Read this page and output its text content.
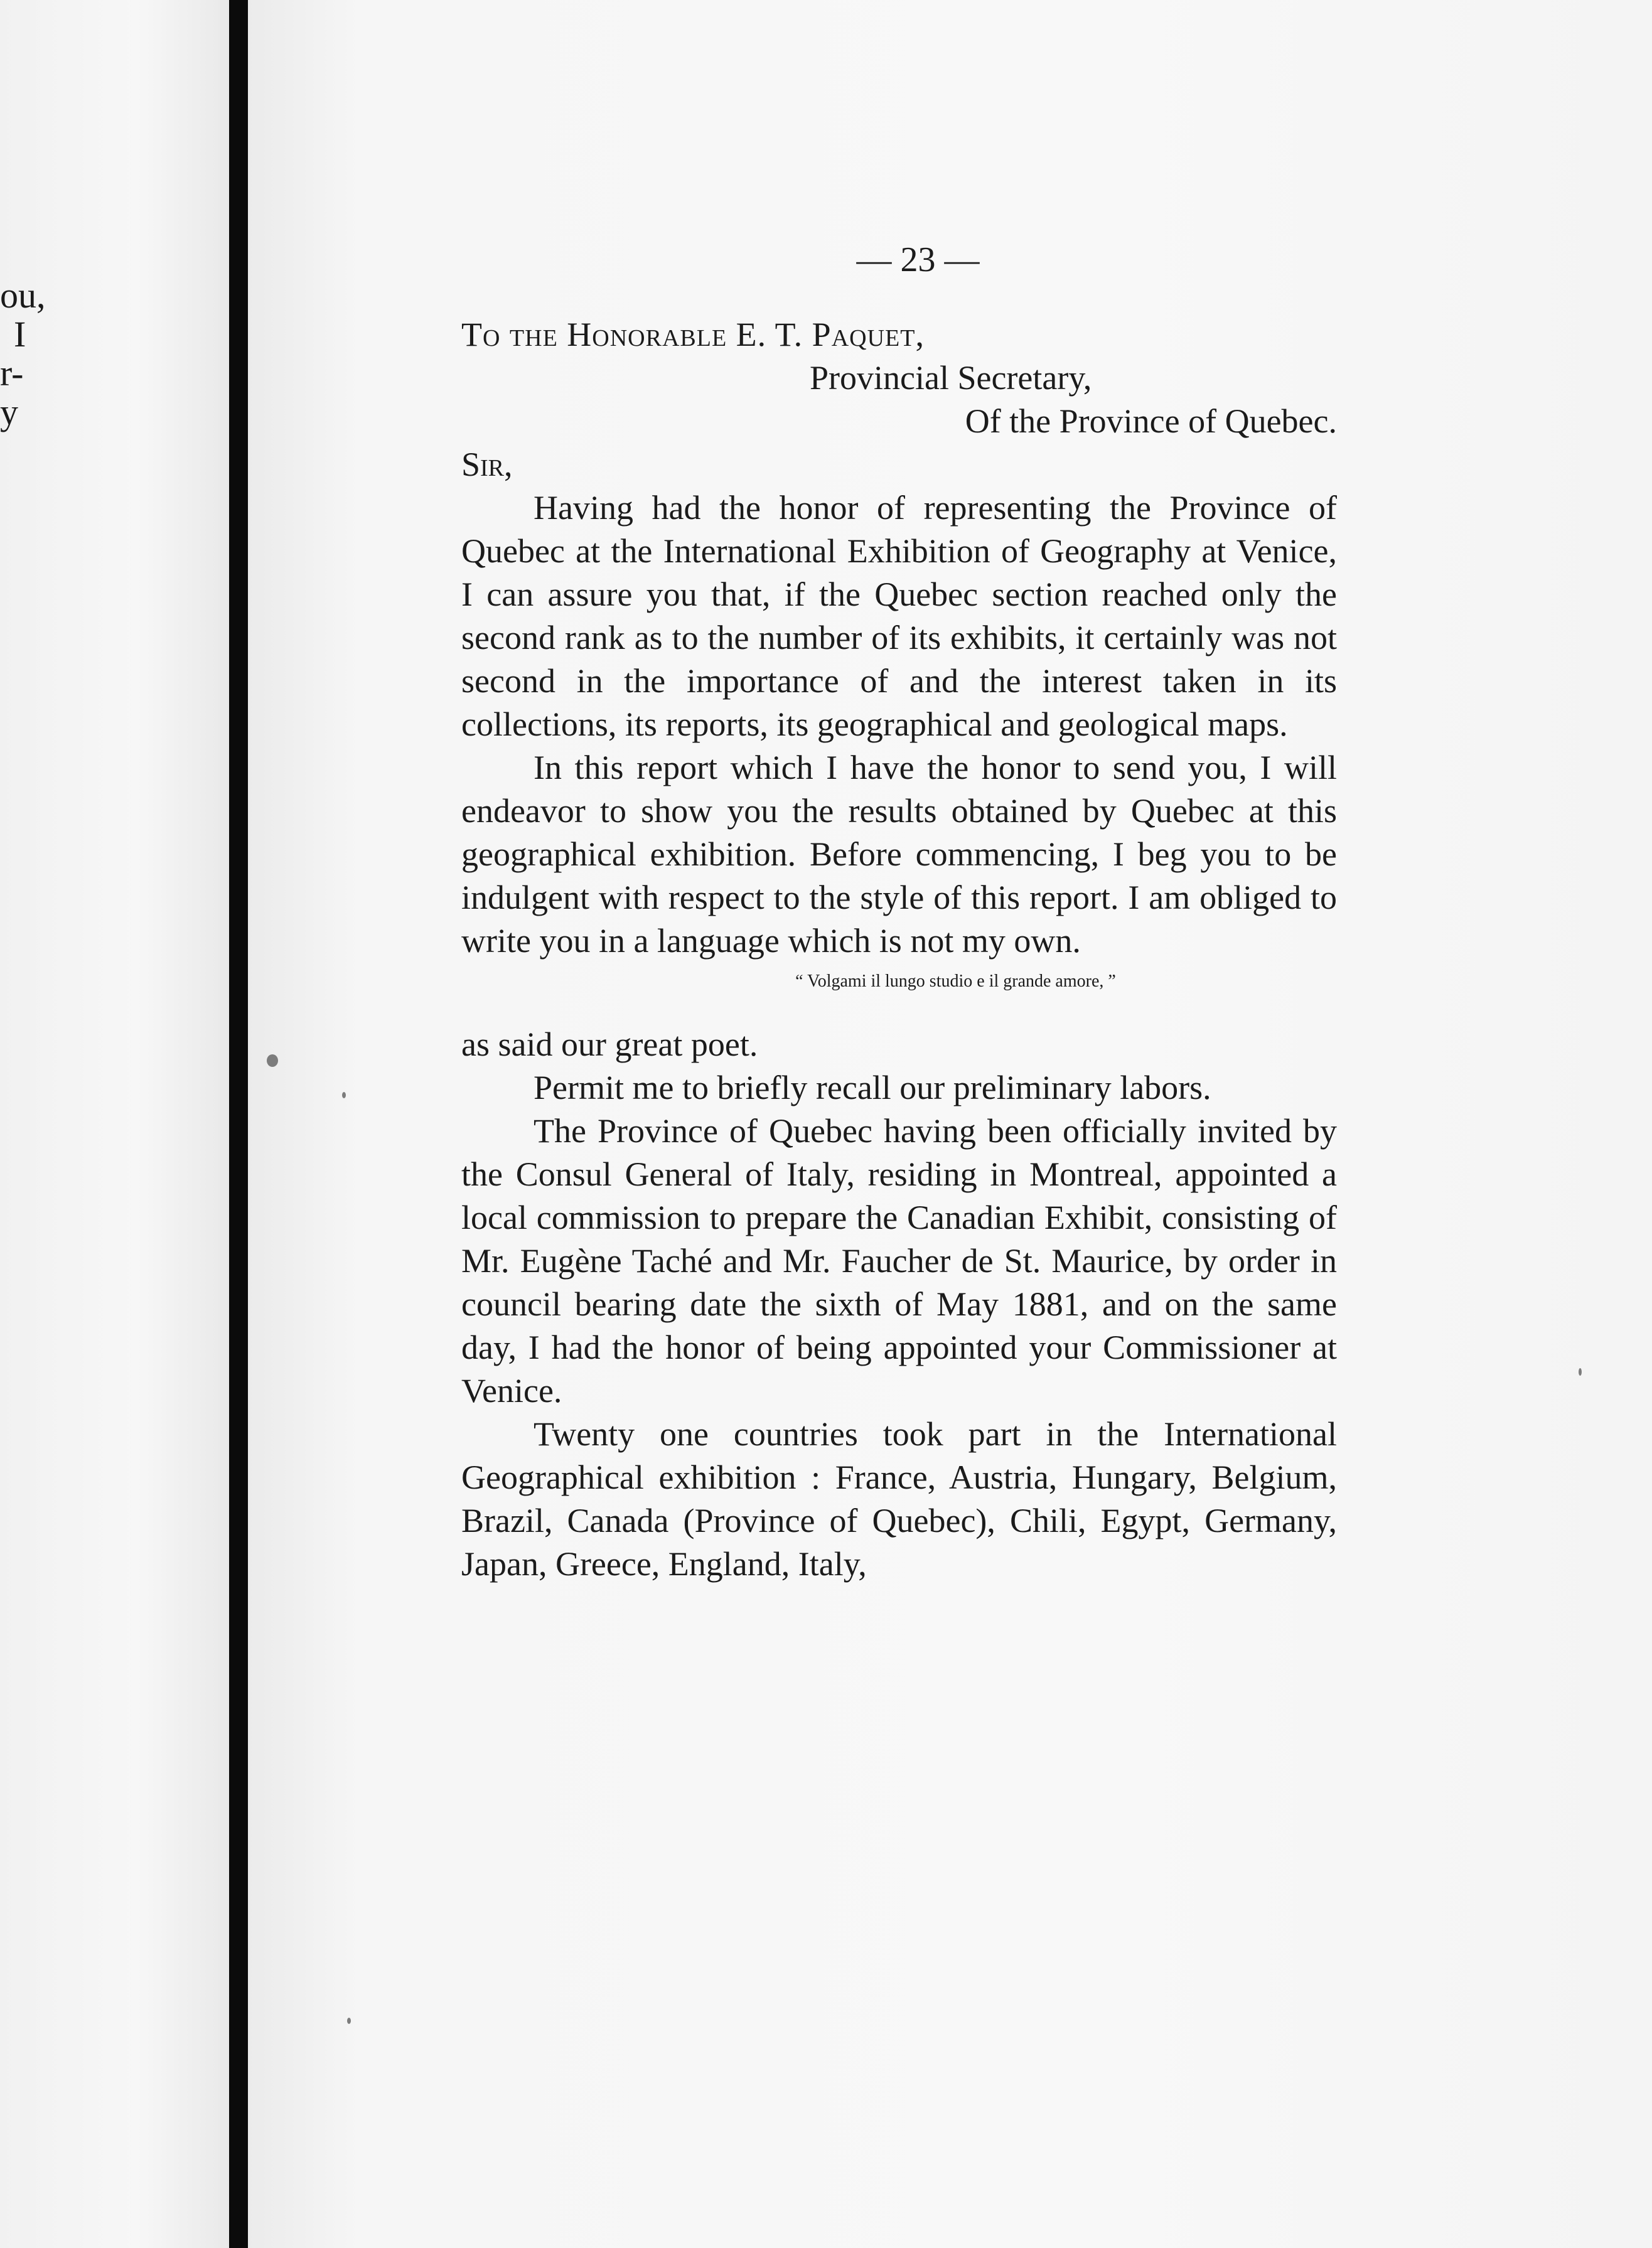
ou,
I
r-
y
— 23 —
To the Honorable E. T. Paquet,
Provincial Secretary,
Of the Province of Quebec.
Sir,

Having had the honor of representing the Province of Quebec at the International Exhibition of Geography at Venice, I can assure you that, if the Quebec section reached only the second rank as to the number of its exhibits, it certainly was not second in the importance of and the interest taken in its collections, its reports, its geographical and geological maps.

In this report which I have the honor to send you, I will endeavor to show you the results obtained by Quebec at this geographical exhibition. Before commencing, I beg you to be indulgent with respect to the style of this report. I am obliged to write you in a language which is not my own.

“ Volgami il lungo studio e il grande amore, ”

as said our great poet.

Permit me to briefly recall our preliminary labors.

The Province of Quebec having been officially invited by the Consul General of Italy, residing in Montreal, appointed a local commission to prepare the Canadian Exhibit, consisting of Mr. Eugène Taché and Mr. Faucher de St. Maurice, by order in council bearing date the sixth of May 1881, and on the same day, I had the honor of being appointed your Commissioner at Venice.

Twenty one countries took part in the International Geographical exhibition : France, Austria, Hungary, Belgium, Brazil, Canada (Province of Quebec), Chili, Egypt, Germany, Japan, Greece, England, Italy,
